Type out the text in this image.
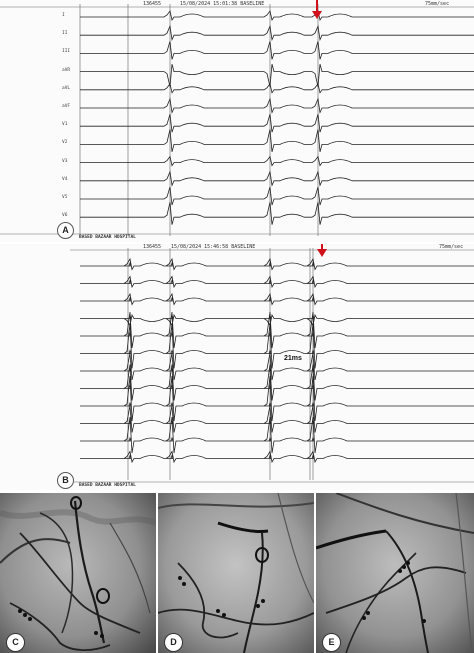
136455	15/08/2024 15:01:38 BASELINE	75mm/sec
I
II
III
aVR
aVL
aVF
V1
V2
V3
V4
V5
V6
BASED BAZAAR HOSPITAL
A
136455 15/08/2024 15:46:58 BASELINE	75mm/sec
21ms
BASED BAZAAR HOSPITAL
B
C	D	E
